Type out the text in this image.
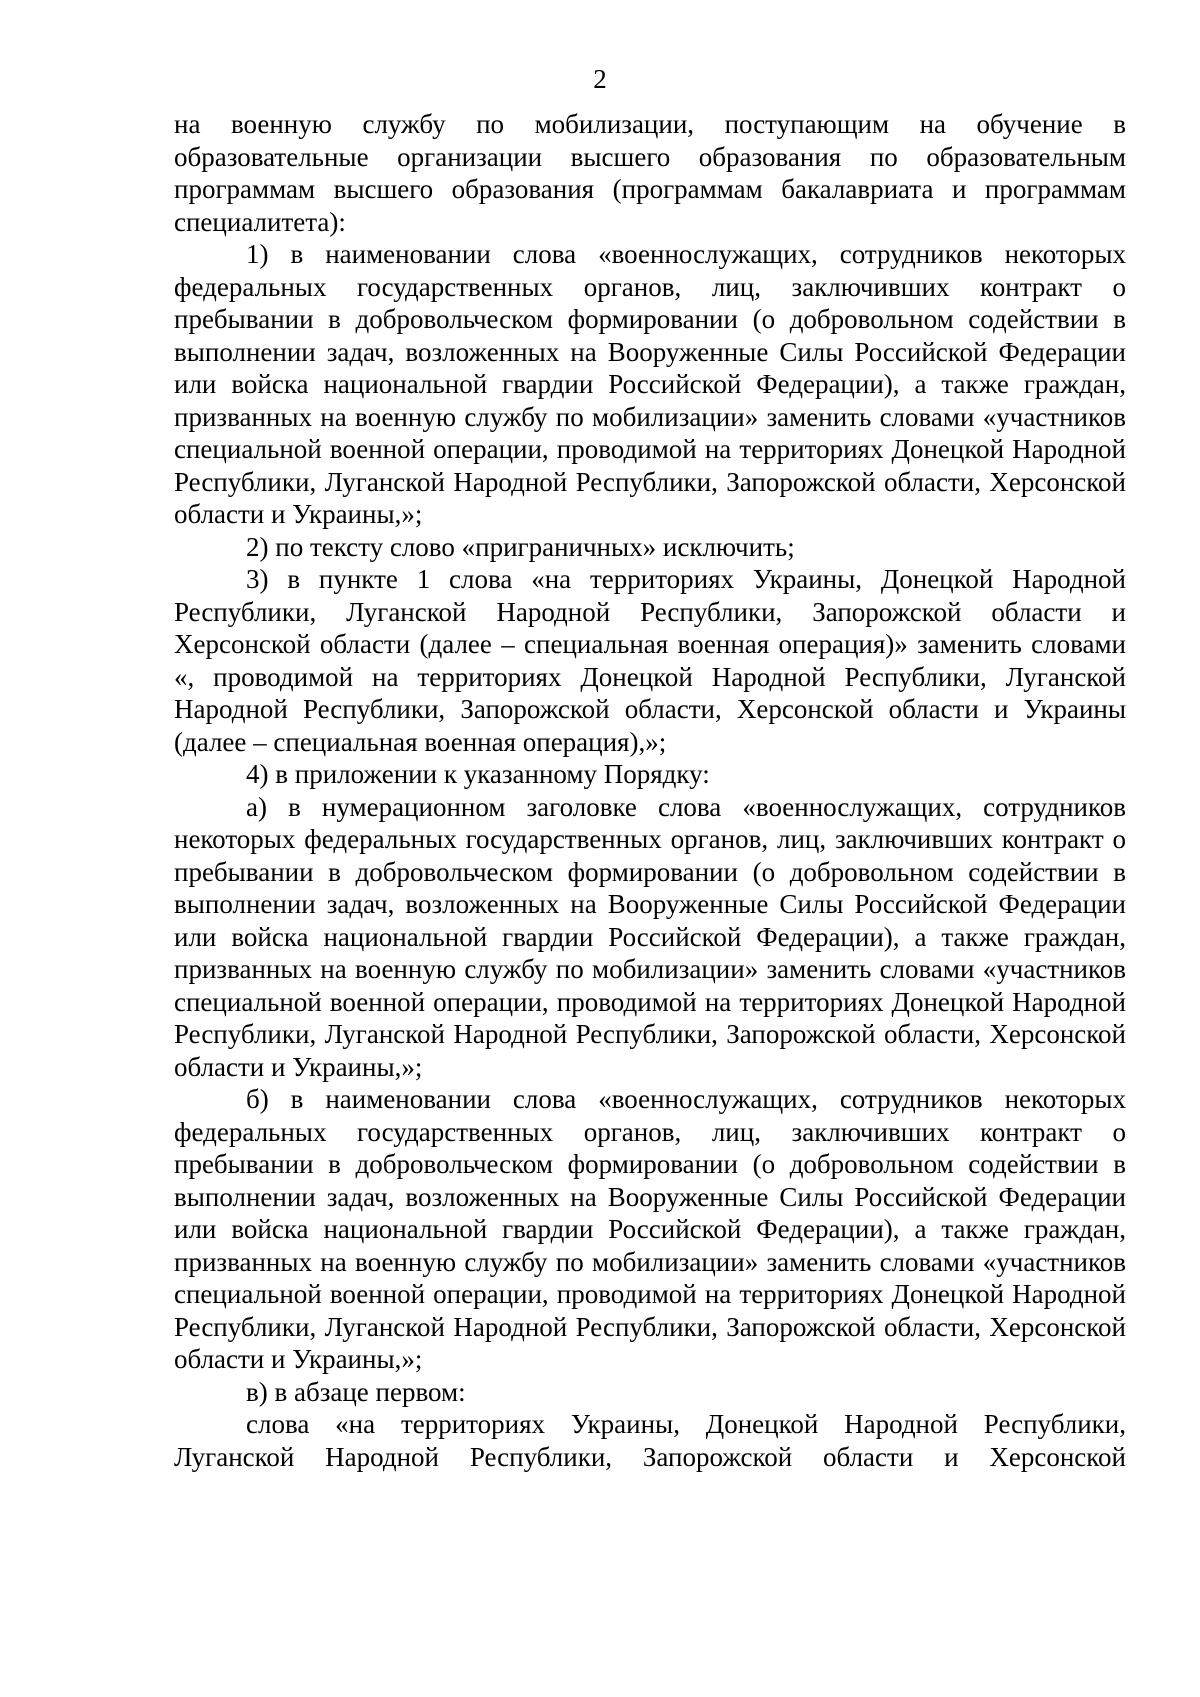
2

на военную службу по мобилизации, поступающим на обучение в образовательные организации высшего образования по образовательным программам высшего образования (программам бакалавриата и программам специалитета):

1) в наименовании слова «военнослужащих, сотрудников некоторых федеральных государственных органов, лиц, заключивших контракт о пребывании в добровольческом формировании (о добровольном содействии в выполнении задач, возложенных на Вооруженные Силы Российской Федерации или войска национальной гвардии Российской Федерации), а также граждан, призванных на военную службу по мобилизации» заменить словами «участников специальной военной операции, проводимой на территориях Донецкой Народной Республики, Луганской Народной Республики, Запорожской области, Херсонской области и Украины,»;

2) по тексту слово «приграничных» исключить;

3) в пункте 1 слова «на территориях Украины, Донецкой Народной Республики, Луганской Народной Республики, Запорожской области и Херсонской области (далее – специальная военная операция)» заменить словами «, проводимой на территориях Донецкой Народной Республики, Луганской Народной Республики, Запорожской области, Херсонской области и Украины (далее – специальная военная операция),»;

4) в приложении к указанному Порядку:

а) в нумерационном заголовке слова «военнослужащих, сотрудников некоторых федеральных государственных органов, лиц, заключивших контракт о пребывании в добровольческом формировании (о добровольном содействии в выполнении задач, возложенных на Вооруженные Силы Российской Федерации или войска национальной гвардии Российской Федерации), а также граждан, призванных на военную службу по мобилизации» заменить словами «участников специальной военной операции, проводимой на территориях Донецкой Народной Республики, Луганской Народной Республики, Запорожской области, Херсонской области и Украины,»;

б) в наименовании слова «военнослужащих, сотрудников некоторых федеральных государственных органов, лиц, заключивших контракт о пребывании в добровольческом формировании (о добровольном содействии в выполнении задач, возложенных на Вооруженные Силы Российской Федерации или войска национальной гвардии Российской Федерации), а также граждан, призванных на военную службу по мобилизации» заменить словами «участников специальной военной операции, проводимой на территориях Донецкой Народной Республики, Луганской Народной Республики, Запорожской области, Херсонской области и Украины,»;

в) в абзаце первом:

слова «на территориях Украины, Донецкой Народной Республики, Луганской Народной Республики, Запорожской области и Херсонской
